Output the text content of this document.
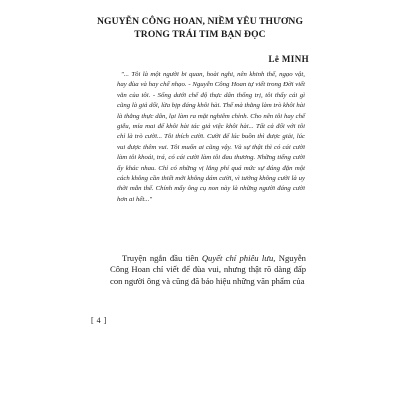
NGUYỄN CÔNG HOAN, NIỀM YÊU THƯƠNG
TRONG TRÁI TIM BẠN ĐỌC
Lê MINH

"... Tôi là một người bi quan, hoài nghi, nên khinh thế, ngạo vật, hay đùa và hay chế nhạo. - Nguyễn Công Hoan tự viết trong Đời viết văn của tôi. - Sống dưới chế độ thực dân thống trị, tôi thấy cái gì cũng là giả dối, lừa bịp đáng khôi hài. Thế mà thằng làm trò khôi hài là thằng thực dân, lại làm ra mặt nghiêm chỉnh. Cho nên tôi hay chế giễu, mỉa mai để khôi hài tác giả việc khôi hài... Tất cả đối với tôi chỉ là trò cười... Tôi thích cười. Cười để lúc buồn thì được giải, lúc vui được thêm vui. Tôi muốn ai cũng vậy. Và sự thật thì có cái cười làm tôi khoái, trá, có cái cười làm tôi đau thương. Những tiếng cười ấy khác nhau. Chỉ có những vị lắng phí quá mức sự đáng đặn một cách không cần thiết mới không dám cười, vì tưởng không cười là uy thời mẫn thế. Chính mấy ông cụ non này là những người đáng cười hơn ai hết..."

Truyện ngắn đầu tiên Quyết chí phiêu lưu, Nguyễn Công Hoan chỉ viết để đùa vui, nhưng thật rõ dàng đấp con người ông và cũng đã báo hiệu những văn phẩm của

[ 4 ]
